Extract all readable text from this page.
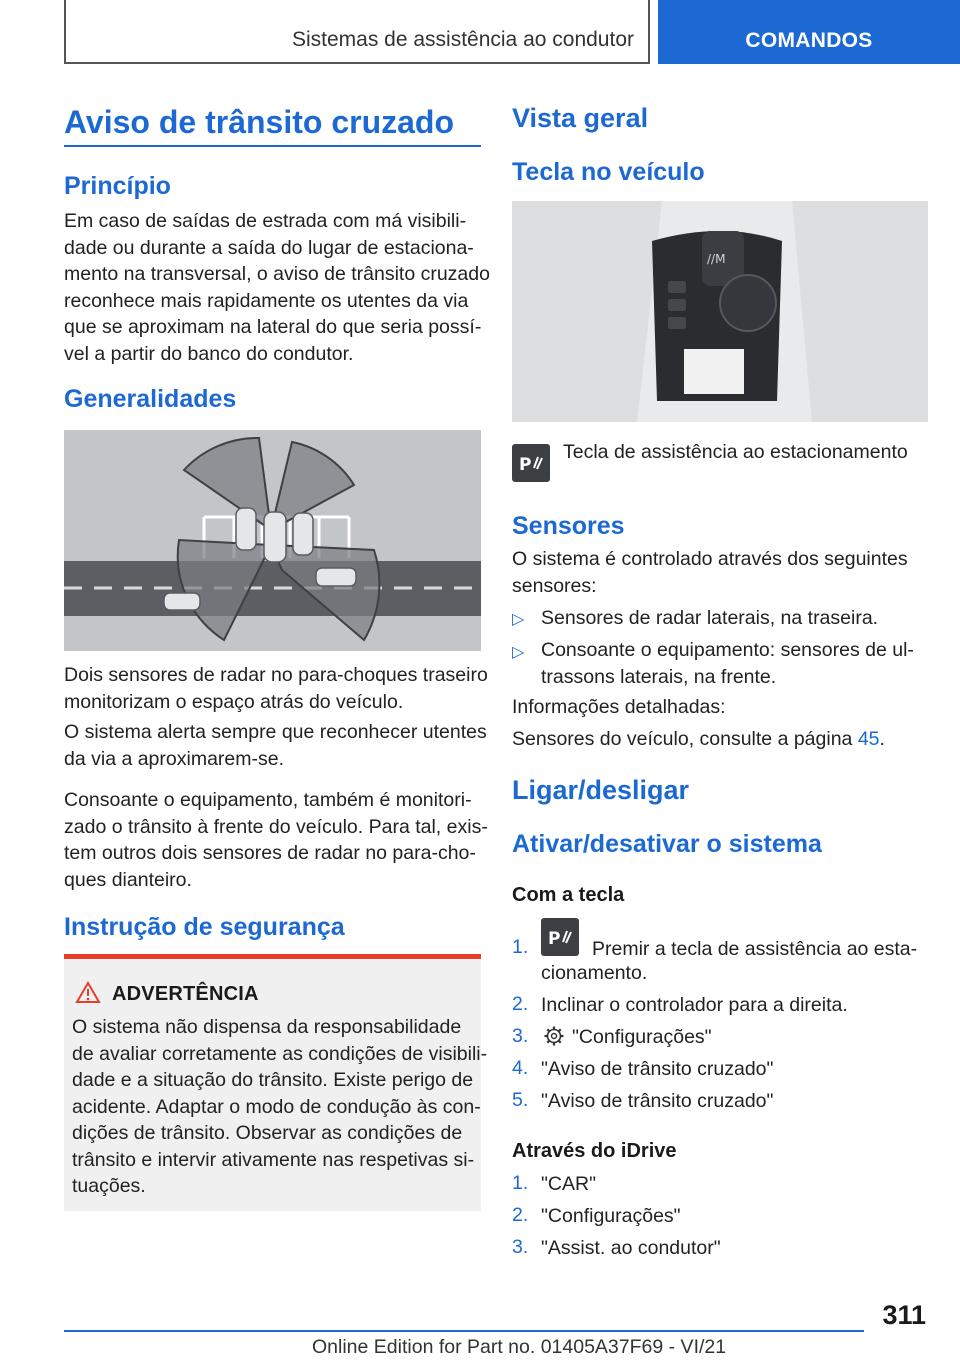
Sistemas de assistência ao condutor	COMANDOS
Aviso de trânsito cruzado
Princípio
Em caso de saídas de estrada com má visibili-
dade ou durante a saída do lugar de estaciona-
mento na transversal, o aviso de trânsito cruzado
reconhece mais rapidamente os utentes da via
que se aproximam na lateral do que seria possí-
vel a partir do banco do condutor.
Generalidades
Dois sensores de radar no para-choques traseiro
monitorizam o espaço atrás do veículo.
O sistema alerta sempre que reconhecer utentes
da via a aproximarem-se.
Consoante o equipamento, também é monitori-
zado o trânsito à frente do veículo. Para tal, exis-
tem outros dois sensores de radar no para-cho-
ques dianteiro.
Instrução de segurança
ADVERTÊNCIA
O sistema não dispensa da responsabilidade
de avaliar corretamente as condições de visibili-
dade e a situação do trânsito. Existe perigo de
acidente. Adaptar o modo de condução às con-
dições de trânsito. Observar as condições de
trânsito e intervir ativamente nas respetivas si-
tuações.
Vista geral
Tecla no veículo
//M
P
Tecla de assistência ao estacionamento
Sensores
O sistema é controlado através dos seguintes
sensores:
▷ Sensores de radar laterais, na traseira.
▷ Consoante o equipamento: sensores de ul-
trassons laterais, na frente.
Informações detalhadas:
Sensores do veículo, consulte a página 45.
Ligar/desligar
Ativar/desativar o sistema
Com a tecla
1. P Premir a tecla de assistência ao esta-
cionamento.
2. Inclinar o controlador para a direita.
3. "Configurações"
4. "Aviso de trânsito cruzado"
5. "Aviso de trânsito cruzado"
Através do iDrive
1. "CAR"
2. "Configurações"
3. "Assist. ao condutor"
311
Online Edition for Part no. 01405A37F69 - VI/21
